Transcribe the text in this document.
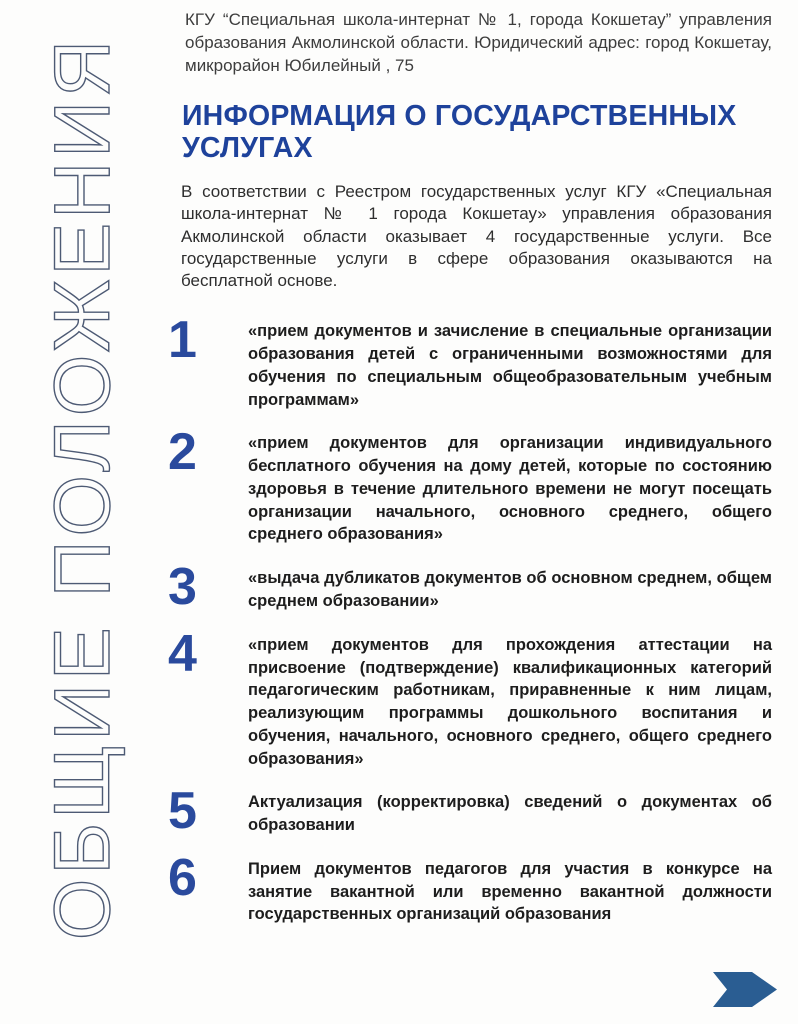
ОБЩИЕ ПОЛОЖЕНИЯ

КГУ “Специальная школа-интернат № 1, города Кокшетау” управления образования Акмолинской области. Юридический адрес: город Кокшетау, микрорайон Юбилейный , 75

ИНФОРМАЦИЯ О ГОСУДАРСТВЕННЫХ УСЛУГАХ

В соответствии с Реестром государственных услуг КГУ «Специальная школа-интернат № 1 города Кокшетау» управления образования Акмолинской области оказывает 4 государственные услуги. Все государственные услуги в сфере образования оказываются на бесплатной основе.

1	«прием документов и зачисление в специальные организации образования детей с ограниченными возможностями для обучения по специальным общеобразовательным учебным программам»

2	«прием документов для организации индивидуального бесплатного обучения на дому детей, которые по состоянию здоровья в течение длительного времени не могут посещать организации начального, основного среднего, общего среднего образования»

3	«выдача дубликатов документов об основном среднем, общем среднем образовании»

4	«прием документов для прохождения аттестации на присвоение (подтверждение) квалификационных категорий педагогическим работникам, приравненные к ним лицам, реализующим программы дошкольного воспитания и обучения, начального, основного среднего, общего среднего образования»

5	Актуализация (корректировка) сведений о документах об образовании

6	Прием документов педагогов для участия в конкурсе на занятие вакантной или временно вакантной должности государственных организаций образования
